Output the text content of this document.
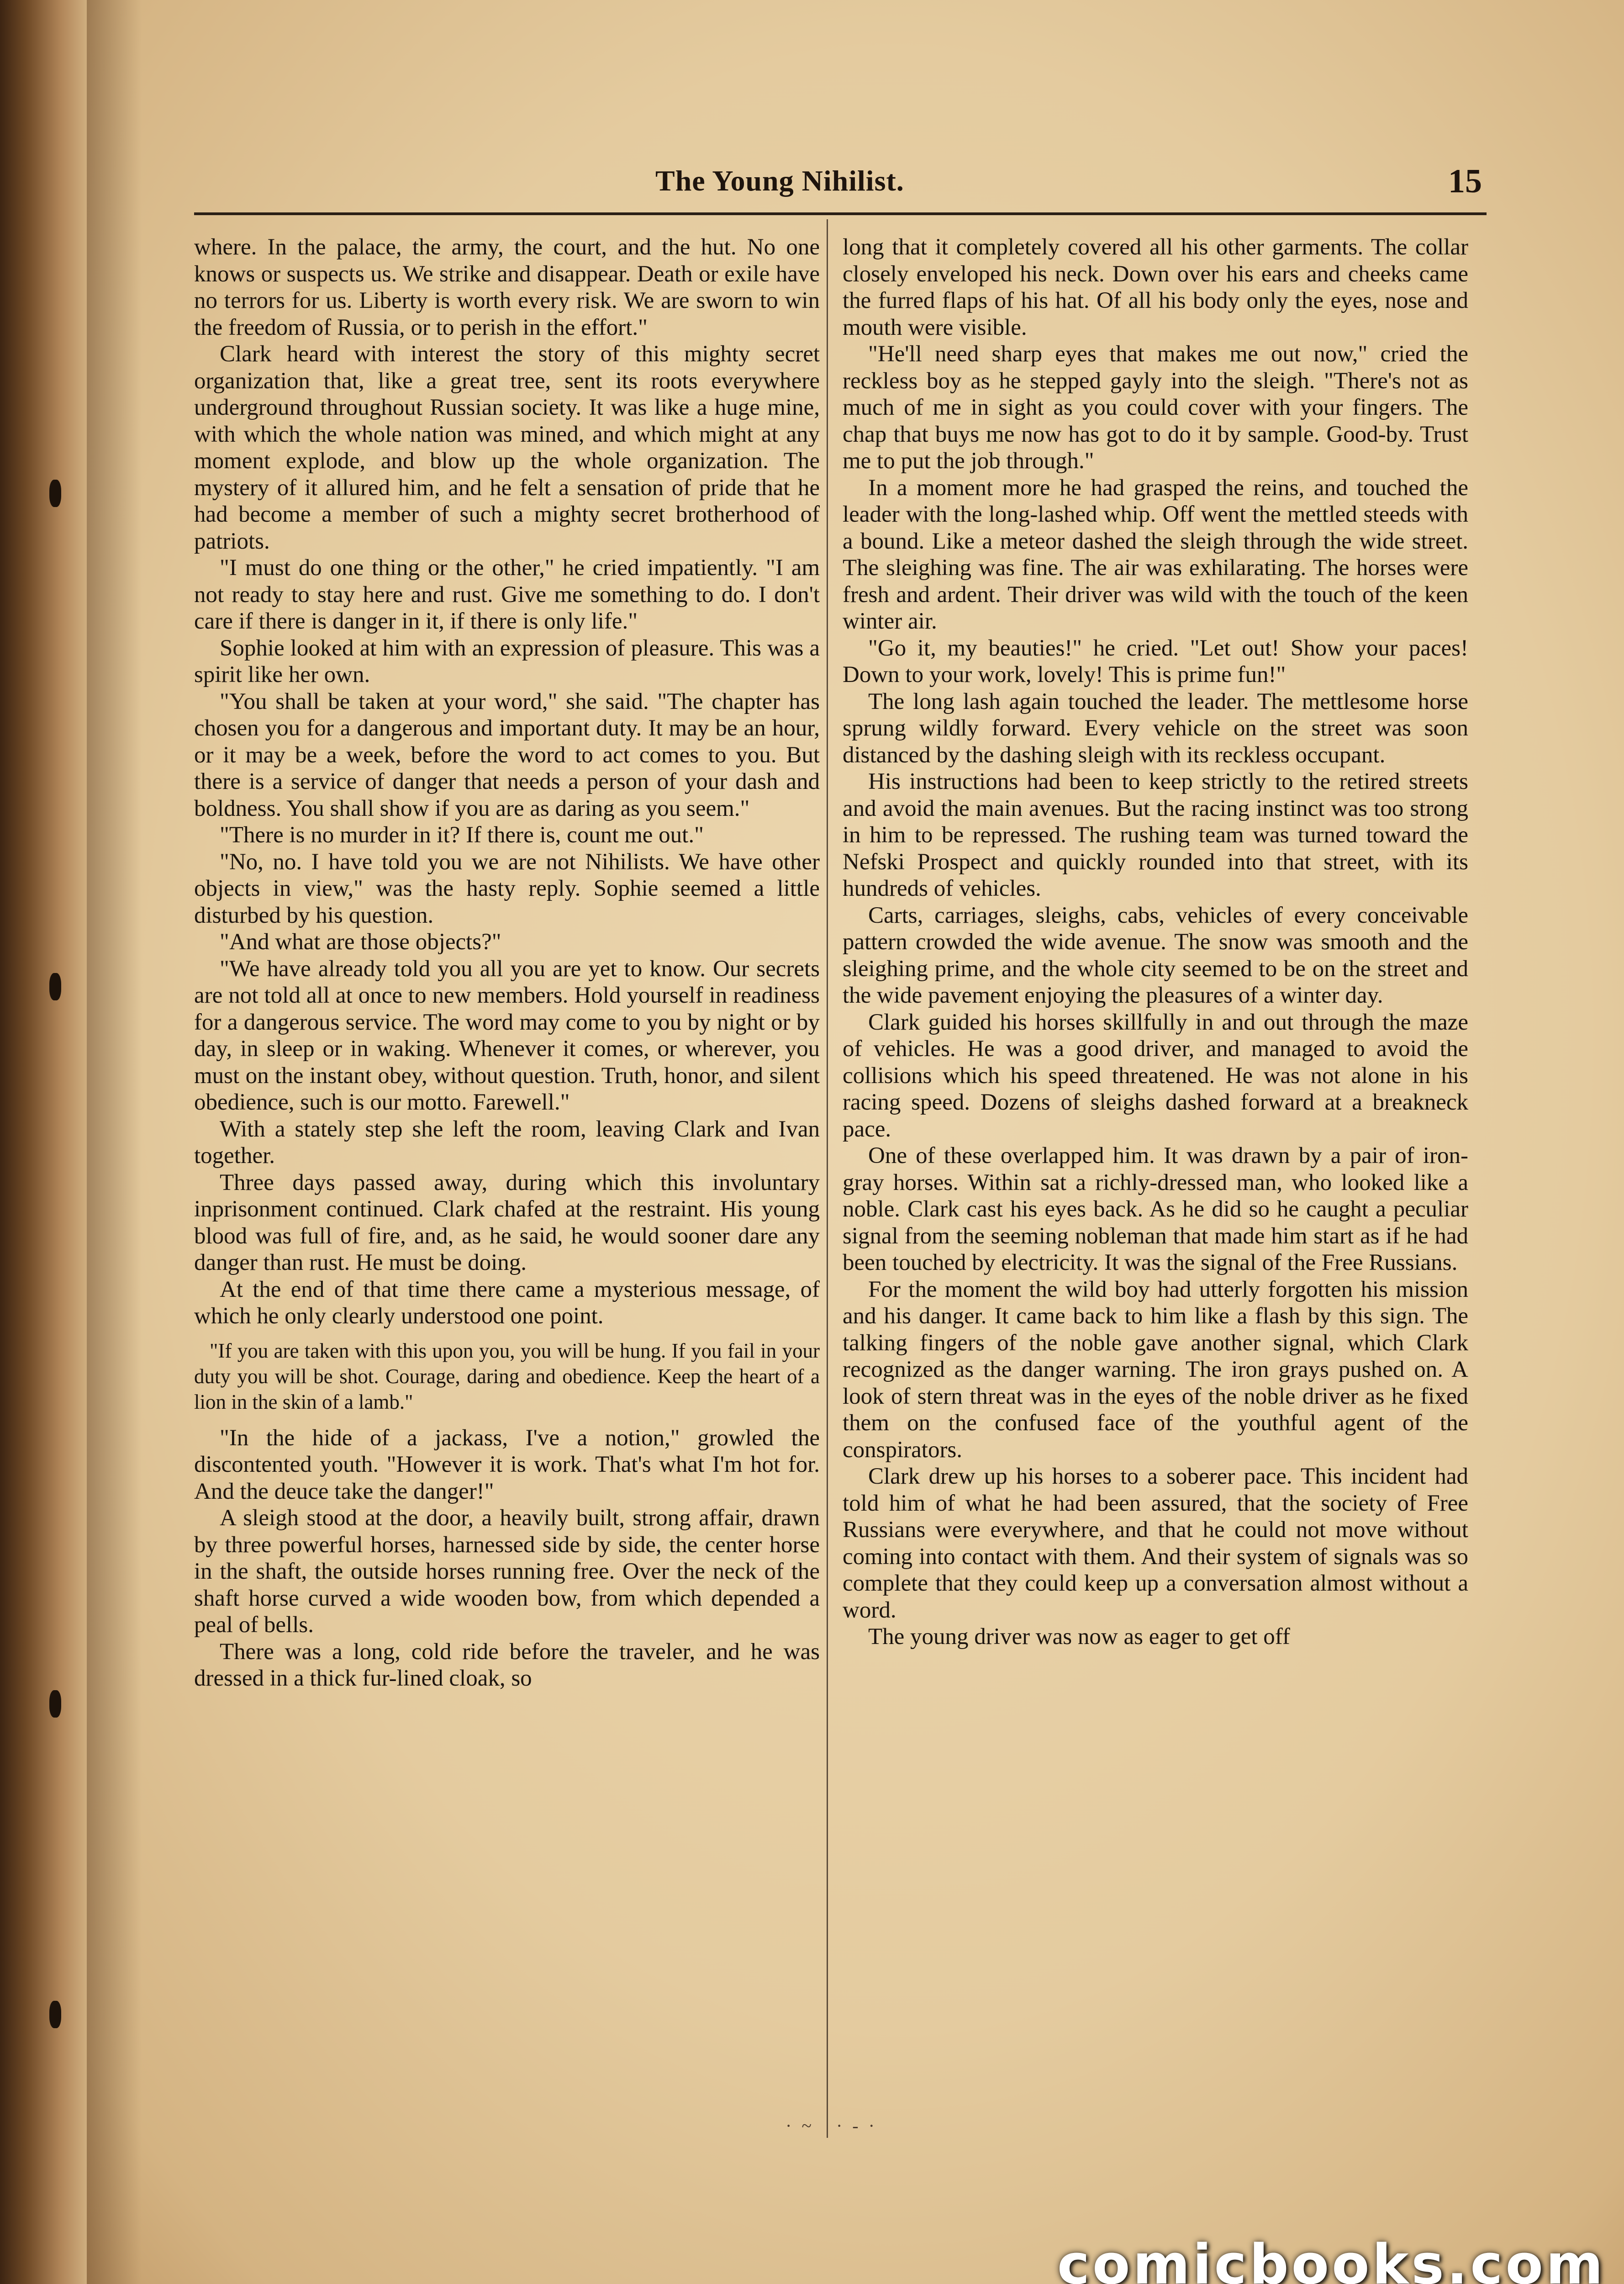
The Young Nihilist.	15

where. In the palace, the army, the court, and the hut. No one knows or suspects us. We strike and disappear. Death or exile have no terrors for us. Liberty is worth every risk. We are sworn to win the freedom of Russia, or to perish in the effort."

Clark heard with interest the story of this mighty secret organization that, like a great tree, sent its roots everywhere underground throughout Russian society. It was like a huge mine, with which the whole nation was mined, and which might at any moment explode, and blow up the whole organization. The mystery of it allured him, and he felt a sensation of pride that he had become a member of such a mighty secret brotherhood of patriots.

"I must do one thing or the other," he cried impatiently. "I am not ready to stay here and rust. Give me something to do. I don't care if there is danger in it, if there is only life."

Sophie looked at him with an expression of pleasure. This was a spirit like her own.

"You shall be taken at your word," she said. "The chapter has chosen you for a dangerous and important duty. It may be an hour, or it may be a week, before the word to act comes to you. But there is a service of danger that needs a person of your dash and boldness. You shall show if you are as daring as you seem."

"There is no murder in it? If there is, count me out."

"No, no. I have told you we are not Nihilists. We have other objects in view," was the hasty reply. Sophie seemed a little disturbed by his question.

"And what are those objects?"

"We have already told you all you are yet to know. Our secrets are not told all at once to new members. Hold yourself in readiness for a dangerous service. The word may come to you by night or by day, in sleep or in waking. Whenever it comes, or wherever, you must on the instant obey, without question. Truth, honor, and silent obedience, such is our motto. Farewell."

With a stately step she left the room, leaving Clark and Ivan together.

Three days passed away, during which this involuntary inprisonment continued. Clark chafed at the restraint. His young blood was full of fire, and, as he said, he would sooner dare any danger than rust. He must be doing.

At the end of that time there came a mysterious message, of which he only clearly understood one point.

"If you are taken with this upon you, you will be hung. If you fail in your duty you will be shot. Courage, daring and obedience. Keep the heart of a lion in the skin of a lamb."

"In the hide of a jackass, I've a notion," growled the discontented youth. "However it is work. That's what I'm hot for. And the deuce take the danger!"

A sleigh stood at the door, a heavily built, strong affair, drawn by three powerful horses, harnessed side by side, the center horse in the shaft, the outside horses running free. Over the neck of the shaft horse curved a wide wooden bow, from which depended a peal of bells.

There was a long, cold ride before the traveler, and he was dressed in a thick fur-lined cloak, so

long that it completely covered all his other garments. The collar closely enveloped his neck. Down over his ears and cheeks came the furred flaps of his hat. Of all his body only the eyes, nose and mouth were visible.

"He'll need sharp eyes that makes me out now," cried the reckless boy as he stepped gayly into the sleigh. "There's not as much of me in sight as you could cover with your fingers. The chap that buys me now has got to do it by sample. Good-by. Trust me to put the job through."

In a moment more he had grasped the reins, and touched the leader with the long-lashed whip. Off went the mettled steeds with a bound. Like a meteor dashed the sleigh through the wide street. The sleighing was fine. The air was exhilarating. The horses were fresh and ardent. Their driver was wild with the touch of the keen winter air.

"Go it, my beauties!" he cried. "Let out! Show your paces! Down to your work, lovely! This is prime fun!"

The long lash again touched the leader. The mettlesome horse sprung wildly forward. Every vehicle on the street was soon distanced by the dashing sleigh with its reckless occupant.

His instructions had been to keep strictly to the retired streets and avoid the main avenues. But the racing instinct was too strong in him to be repressed. The rushing team was turned toward the Nefski Prospect and quickly rounded into that street, with its hundreds of vehicles.

Carts, carriages, sleighs, cabs, vehicles of every conceivable pattern crowded the wide avenue. The snow was smooth and the sleighing prime, and the whole city seemed to be on the street and the wide pavement enjoying the pleasures of a winter day.

Clark guided his horses skillfully in and out through the maze of vehicles. He was a good driver, and managed to avoid the collisions which his speed threatened. He was not alone in his racing speed. Dozens of sleighs dashed forward at a breakneck pace.

One of these overlapped him. It was drawn by a pair of iron-gray horses. Within sat a richly-dressed man, who looked like a noble. Clark cast his eyes back. As he did so he caught a peculiar signal from the seeming nobleman that made him start as if he had been touched by electricity. It was the signal of the Free Russians.

For the moment the wild boy had utterly forgotten his mission and his danger. It came back to him like a flash by this sign. The talking fingers of the noble gave another signal, which Clark recognized as the danger warning. The iron grays pushed on. A look of stern threat was in the eyes of the noble driver as he fixed them on the confused face of the youthful agent of the conspirators.

Clark drew up his horses to a soberer pace. This incident had told him of what he had been assured, that the society of Free Russians were everywhere, and that he could not move without coming into contact with them. And their system of signals was so complete that they could keep up a conversation almost without a word.

The young driver was now as eager to get off

·~ ·-·
comicbooks.com
